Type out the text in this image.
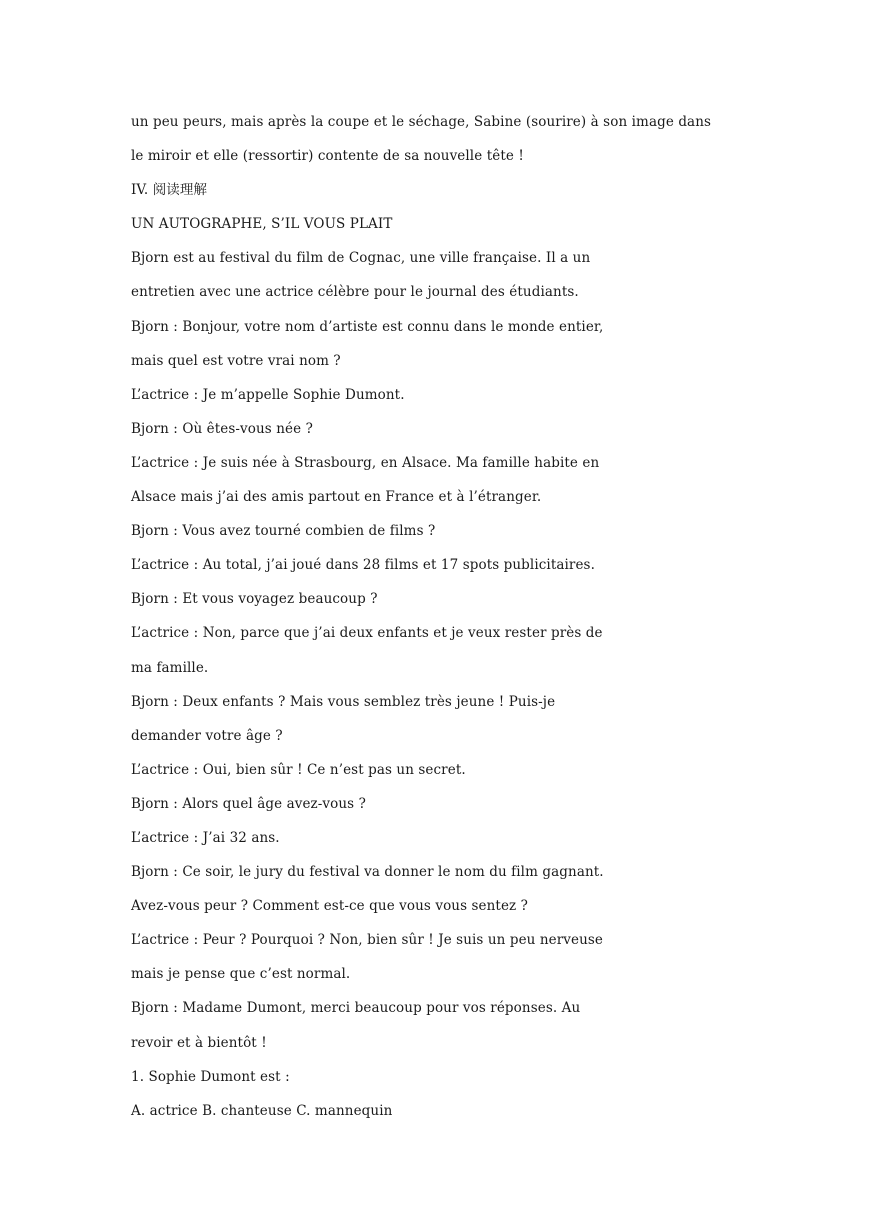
un peu peurs, mais après la coupe et le séchage, Sabine (sourire) à son image dans
le miroir et elle (ressortir) contente de sa nouvelle tête !
IV. 阅读理解
UN AUTOGRAPHE, S’IL VOUS PLAIT
Bjorn est au festival du film de Cognac, une ville française. Il a un
entretien avec une actrice célèbre pour le journal des étudiants.
Bjorn : Bonjour, votre nom d’artiste est connu dans le monde entier,
mais quel est votre vrai nom ?
L’actrice : Je m’appelle Sophie Dumont.
Bjorn : Où êtes-vous née ?
L’actrice : Je suis née à Strasbourg, en Alsace. Ma famille habite en
Alsace mais j’ai des amis partout en France et à l’étranger.
Bjorn : Vous avez tourné combien de films ?
L’actrice : Au total, j’ai joué dans 28 films et 17 spots publicitaires.
Bjorn : Et vous voyagez beaucoup ?
L’actrice : Non, parce que j’ai deux enfants et je veux rester près de
ma famille.
Bjorn : Deux enfants ? Mais vous semblez très jeune ! Puis-je
demander votre âge ?
L’actrice : Oui, bien sûr ! Ce n’est pas un secret.
Bjorn : Alors quel âge avez-vous ?
L’actrice : J’ai 32 ans.
Bjorn : Ce soir, le jury du festival va donner le nom du film gagnant.
Avez-vous peur ? Comment est-ce que vous vous sentez ?
L’actrice : Peur ? Pourquoi ? Non, bien sûr ! Je suis un peu nerveuse
mais je pense que c’est normal.
Bjorn : Madame Dumont, merci beaucoup pour vos réponses. Au
revoir et à bientôt !
1. Sophie Dumont est :
A. actrice B. chanteuse C. mannequin
